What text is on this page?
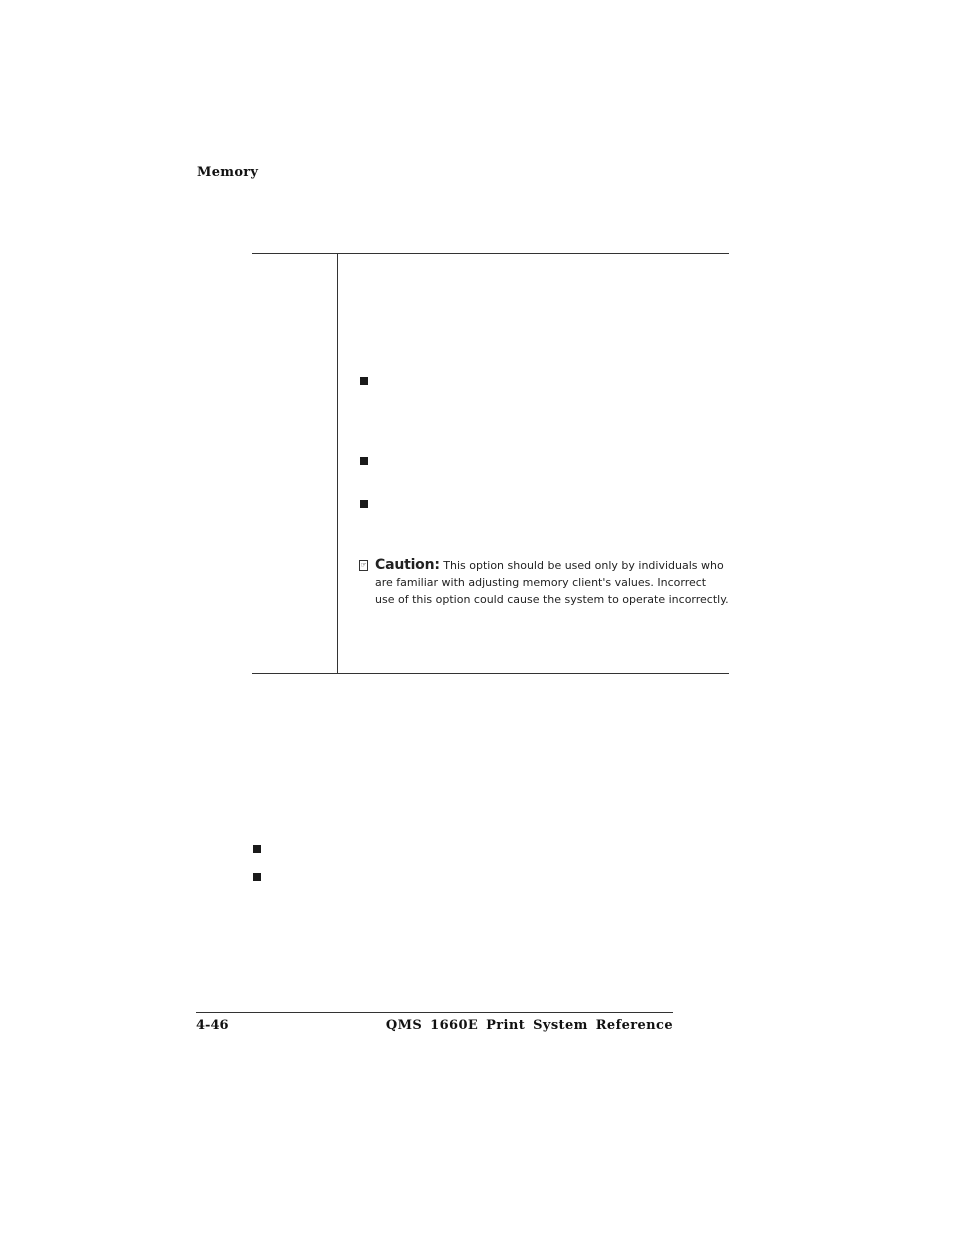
Memory
☞ Caution: This option should be used only by individuals who are familiar with adjusting memory client's values. Incorrect use of this option could cause the system to operate incorrectly.
4-46	QMS 1660E Print System Reference
